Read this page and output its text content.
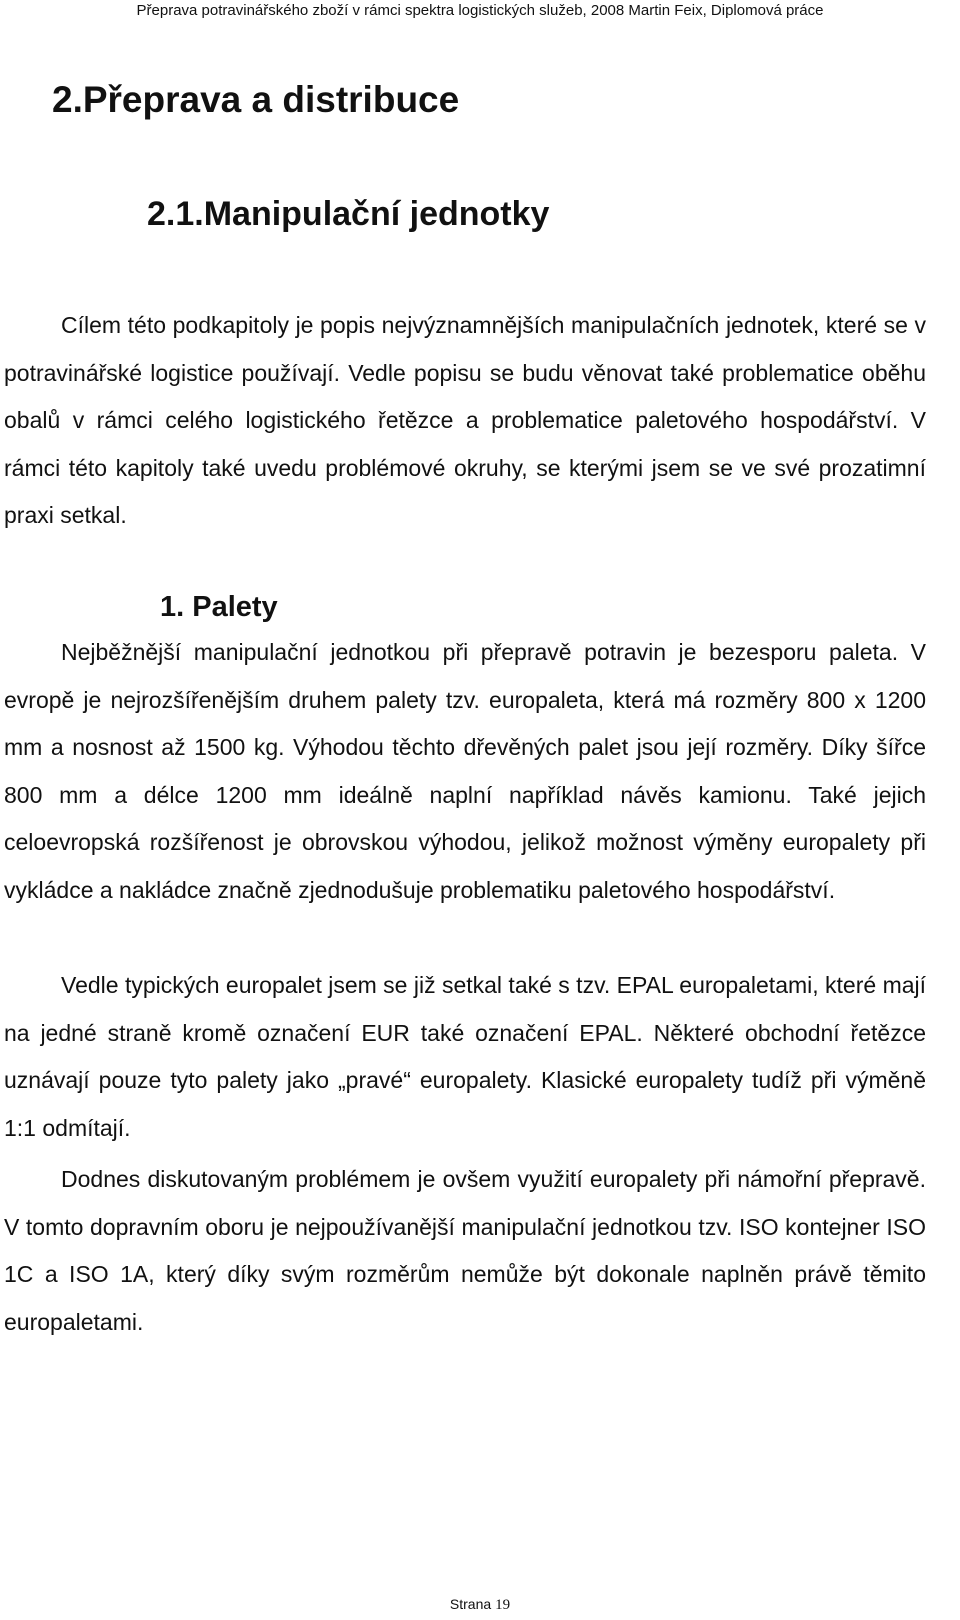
Přeprava potravinářského zboží v rámci spektra logistických služeb, 2008 Martin Feix, Diplomová práce
2.Přeprava a distribuce
2.1.Manipulační jednotky

Cílem této podkapitoly je popis nejvýznamnějších manipulačních jednotek, které se v potravinářské logistice používají. Vedle popisu se budu věnovat také problematice oběhu obalů v rámci celého logistického řetězce a problematice paletového hospodářství. V rámci této kapitoly také uvedu problémové okruhy, se kterými jsem se ve své prozatimní praxi setkal.

1. Palety

Nejběžnější manipulační jednotkou při přepravě potravin je bezesporu paleta. V evropě je nejrozšířenějším druhem palety tzv. europaleta, která má rozměry 800 x 1200 mm a nosnost až 1500 kg. Výhodou těchto dřevěných palet jsou její rozměry. Díky šířce 800 mm a délce 1200 mm ideálně naplní například návěs kamionu. Také jejich celoevropská rozšířenost je obrovskou výhodou, jelikož možnost výměny europalety při vykládce a nakládce značně zjednodušuje problematiku paletového hospodářství.

Vedle typických europalet jsem se již setkal také s tzv. EPAL europaletami, které mají na jedné straně kromě označení EUR také označení EPAL. Některé obchodní řetězce uznávají pouze tyto palety jako „pravé“ europalety. Klasické europalety tudíž při výměně 1:1 odmítají.

Dodnes diskutovaným problémem je ovšem využití europalety při námořní přepravě. V tomto dopravním oboru je nejpoužívanější manipulační jednotkou tzv. ISO kontejner ISO 1C a ISO 1A, který díky svým rozměrům nemůže být dokonale naplněn právě těmito europaletami.

Strana 19
